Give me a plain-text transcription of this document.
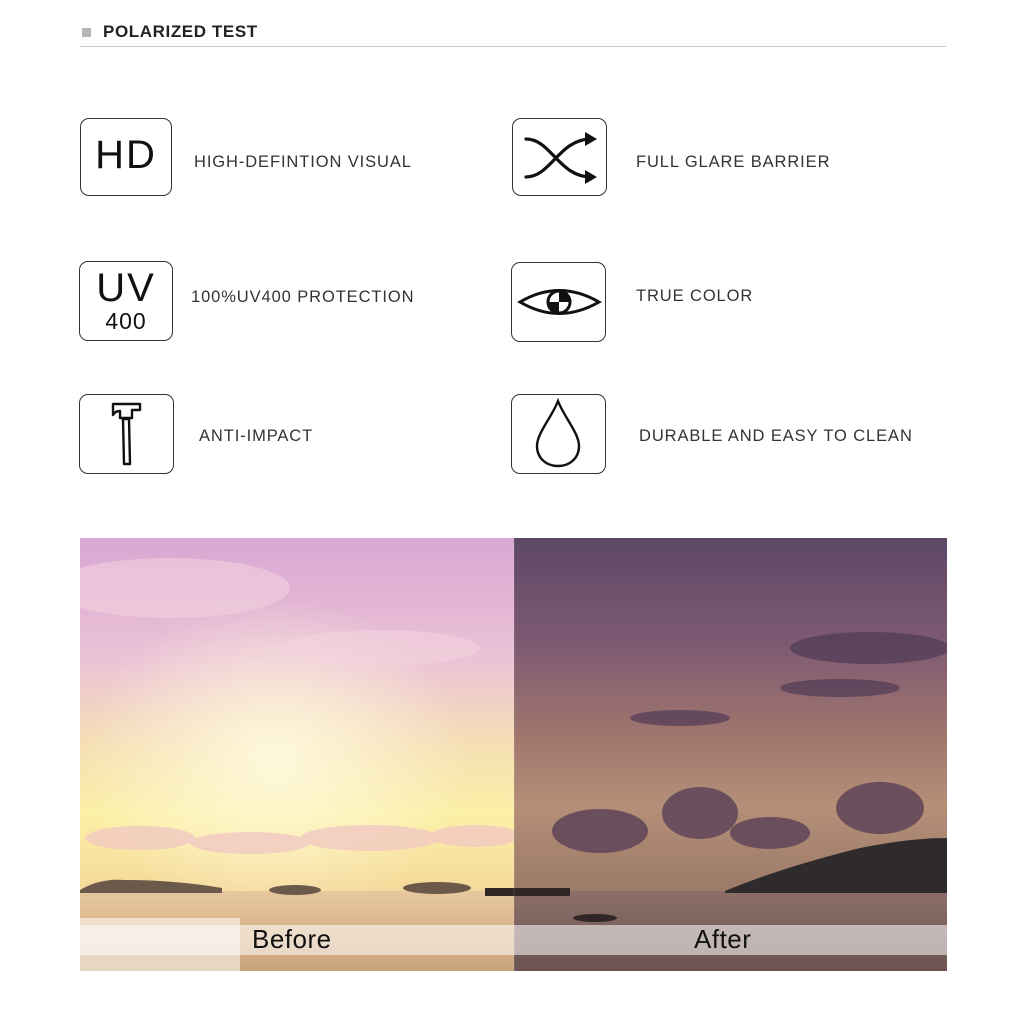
POLARIZED TEST
HD	HIGH-DEFINTION VISUAL	FULL GLARE BARRIER
UV
400
100%UV400 PROTECTION	TRUE COLOR
ANTI-IMPACT	DURABLE AND EASY TO CLEAN
Before	After
